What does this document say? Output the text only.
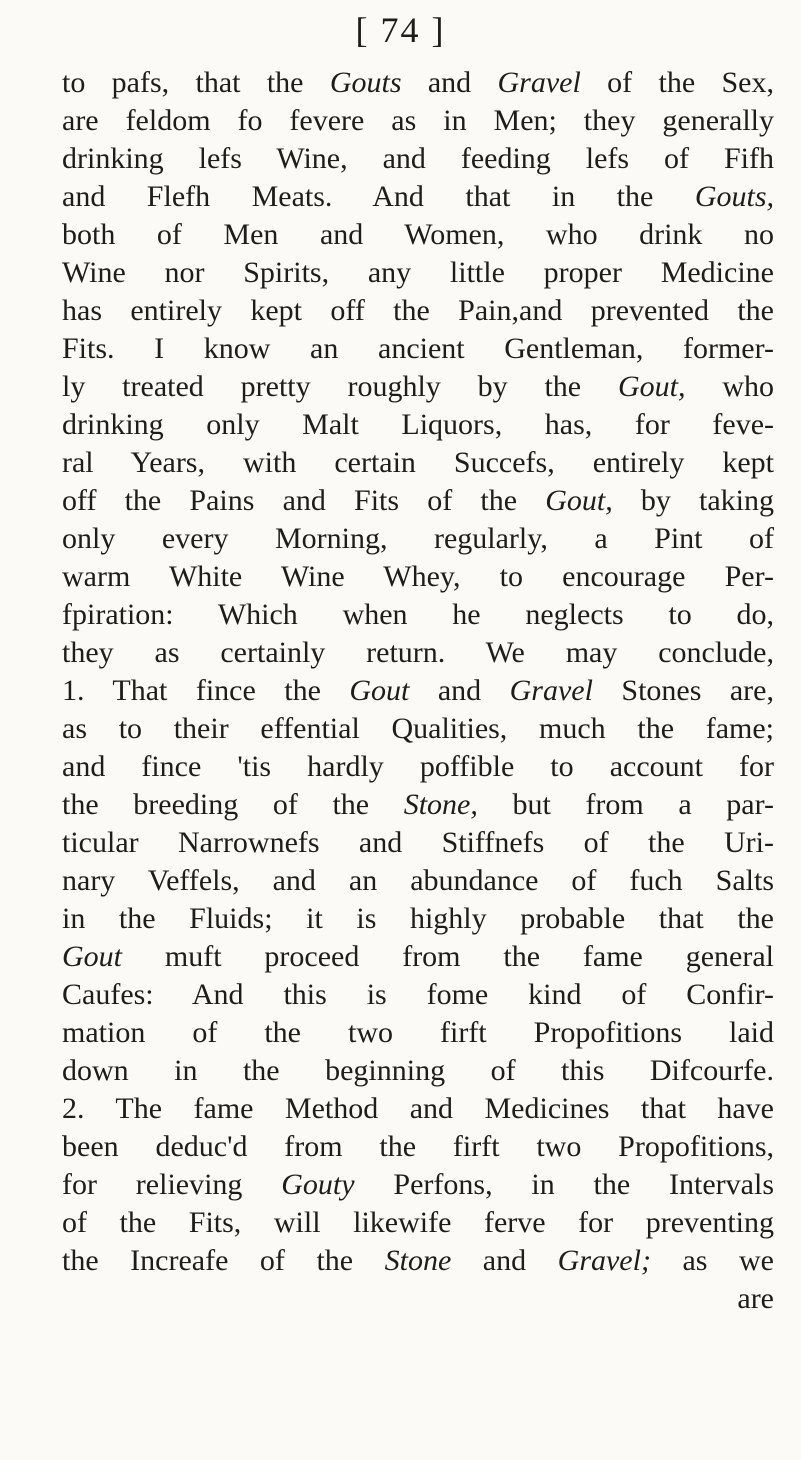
[ 74 ]
to pafs, that the Gouts and Gravel of the Sex,
are feldom fo fevere as in Men; they generally
drinking lefs Wine, and feeding lefs of Fifh
and Flefh Meats. And that in the Gouts,
both of Men and Women, who drink no
Wine nor Spirits, any little proper Medicine
has entirely kept off the Pain,and prevented the
Fits. I know an ancient Gentleman, former-
ly treated pretty roughly by the Gout, who
drinking only Malt Liquors, has, for feve-
ral Years, with certain Succefs, entirely kept
off the Pains and Fits of the Gout, by taking
only every Morning, regularly, a Pint of
warm White Wine Whey, to encourage Per-
fpiration: Which when he neglects to do,
they as certainly return. We may conclude,
1. That fince the Gout and Gravel Stones are,
as to their effential Qualities, much the fame;
and fince 'tis hardly poffible to account for
the breeding of the Stone, but from a par-
ticular Narrownefs and Stiffnefs of the Uri-
nary Veffels, and an abundance of fuch Salts
in the Fluids; it is highly probable that the
Gout muft proceed from the fame general
Caufes: And this is fome kind of Confir-
mation of the two firft Propofitions laid
down in the beginning of this Difcourfe.
2. The fame Method and Medicines that have
been deduc'd from the firft two Propofitions,
for relieving Gouty Perfons, in the Intervals
of the Fits, will likewife ferve for preventing
the Increafe of the Stone and Gravel; as we
are
